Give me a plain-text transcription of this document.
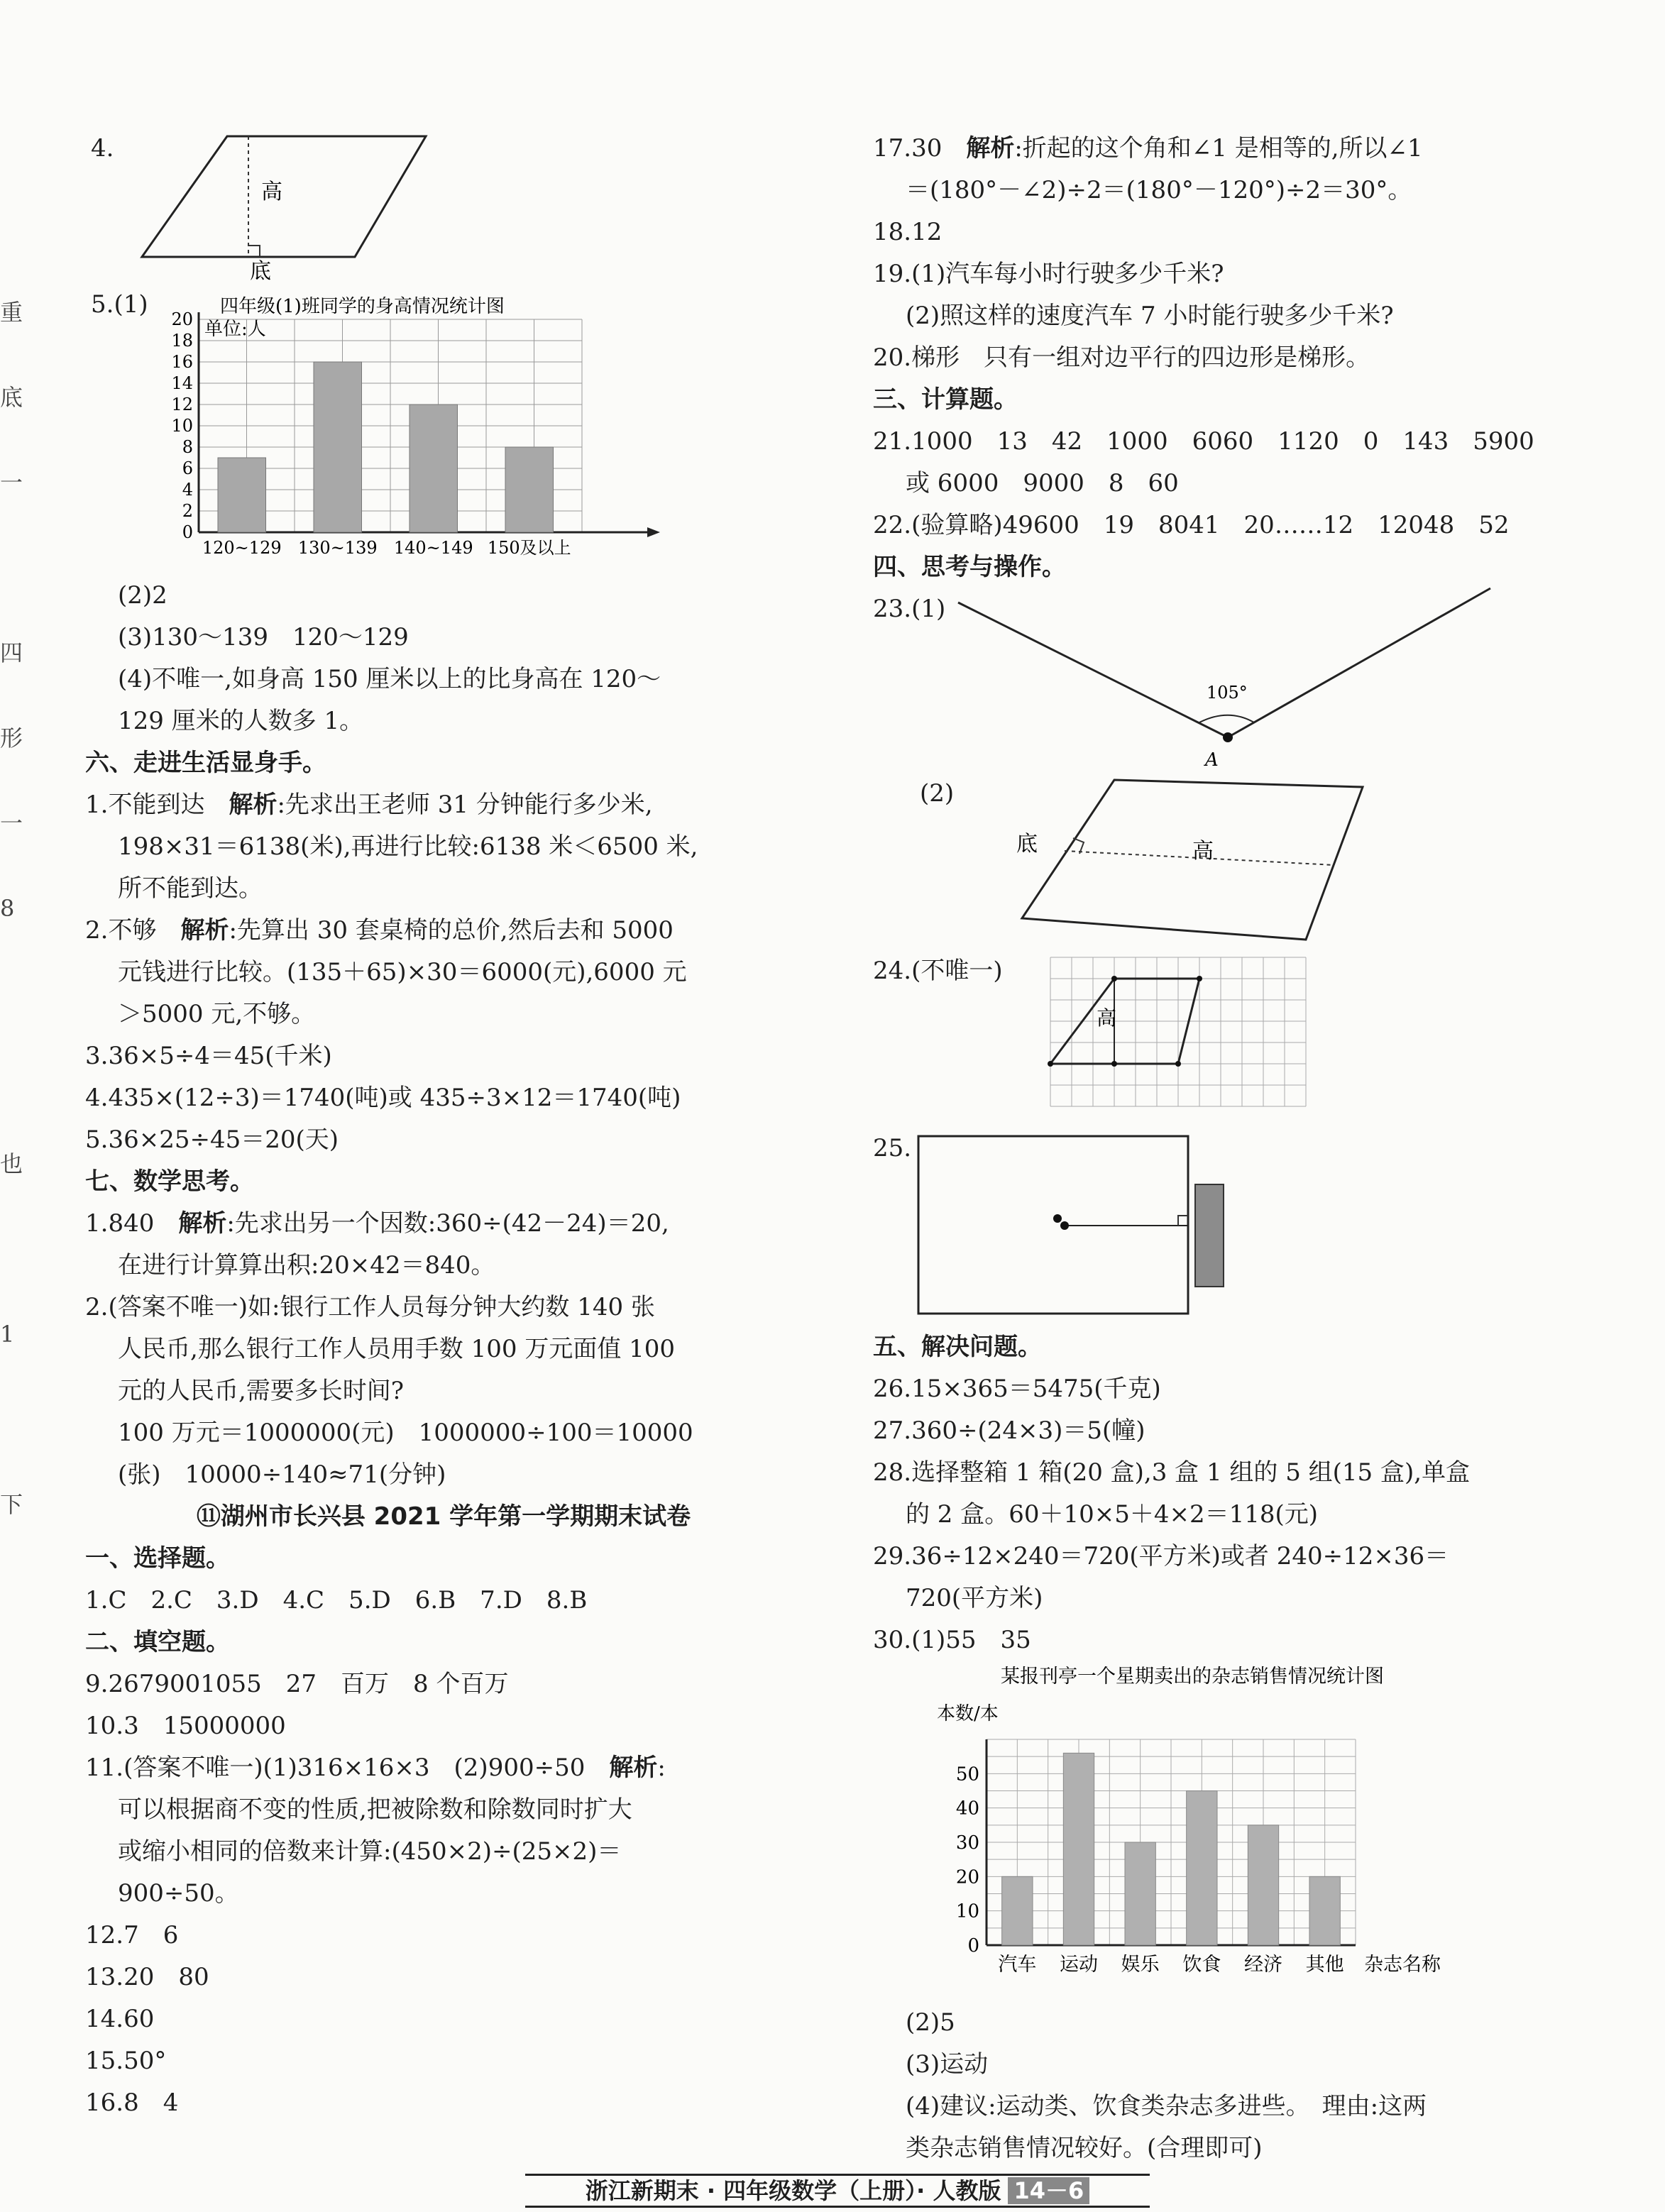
重
底
一

四
形
一
8

也

1

下
4.
高
底
5.(1)	四年级(1)班同学的身高情况统计图
单位:人
0
2
4
6
8
10
12
14
16
18
20
120~129 130~139 140~149 150及以上
(2)2
(3)130～139　120～129
(4)不唯一,如身高 150 厘米以上的比身高在 120～
129 厘米的人数多 1。
六、走进生活显身手。
1.不能到达　解析:先求出王老师 31 分钟能行多少米,
198×31＝6138(米),再进行比较:6138 米＜6500 米,
所不能到达。
2.不够　解析:先算出 30 套桌椅的总价,然后去和 5000
元钱进行比较。(135＋65)×30＝6000(元),6000 元
＞5000 元,不够。
3.36×5÷4＝45(千米)
4.435×(12÷3)＝1740(吨)或 435÷3×12＝1740(吨)
5.36×25÷45＝20(天)
七、数学思考。
1.840　解析:先求出另一个因数:360÷(42－24)＝20,
在进行计算算出积:20×42＝840。
2.(答案不唯一)如:银行工作人员每分钟大约数 140 张
人民币,那么银行工作人员用手数 100 万元面值 100
元的人民币,需要多长时间?
100 万元＝1000000(元)　1000000÷100＝10000
(张)　10000÷140≈71(分钟)
⑪湖州市长兴县 2021 学年第一学期期末试卷
一、选择题。
1.C　2.C　3.D　4.C　5.D　6.B　7.D　8.B
二、填空题。
9.2679001055　27　百万　8 个百万
10.3　15000000
11.(答案不唯一)(1)316×16×3　(2)900÷50　解析:
可以根据商不变的性质,把被除数和除数同时扩大
或缩小相同的倍数来计算:(450×2)÷(25×2)＝
900÷50。
12.7　6
13.20　80
14.60
15.50°
16.8　4
17.30　解析:折起的这个角和∠1 是相等的,所以∠1
＝(180°－∠2)÷2＝(180°－120°)÷2＝30°。
18.12
19.(1)汽车每小时行驶多少千米?
(2)照这样的速度汽车 7 小时能行驶多少千米?
20.梯形　只有一组对边平行的四边形是梯形。
三、计算题。
21.1000　13　42　1000　6060　1120　0　143　5900
或 6000　9000　8　60
22.(验算略)49600　19　8041　20……12　12048　52
四、思考与操作。
23.(1)
105°
A
(2)
底	高
24.(不唯一)
高
25.
五、解决问题。
26.15×365＝5475(千克)
27.360÷(24×3)＝5(幢)
28.选择整箱 1 箱(20 盒),3 盒 1 组的 5 组(15 盒),单盒
的 2 盒。60＋10×5＋4×2＝118(元)
29.36÷12×240＝720(平方米)或者 240÷12×36＝
720(平方米)
30.(1)55　35
某报刊亭一个星期卖出的杂志销售情况统计图
本数/本
0
10
20
30
40
50
汽车 运动 娱乐 饮食 经济 其他 杂志名称
(2)5
(3)运动
(4)建议:运动类、饮食类杂志多进些。　理由:这两
类杂志销售情况较好。(合理即可)
浙江新期末 · 四年级数学（上册）· 人教版 14－6
